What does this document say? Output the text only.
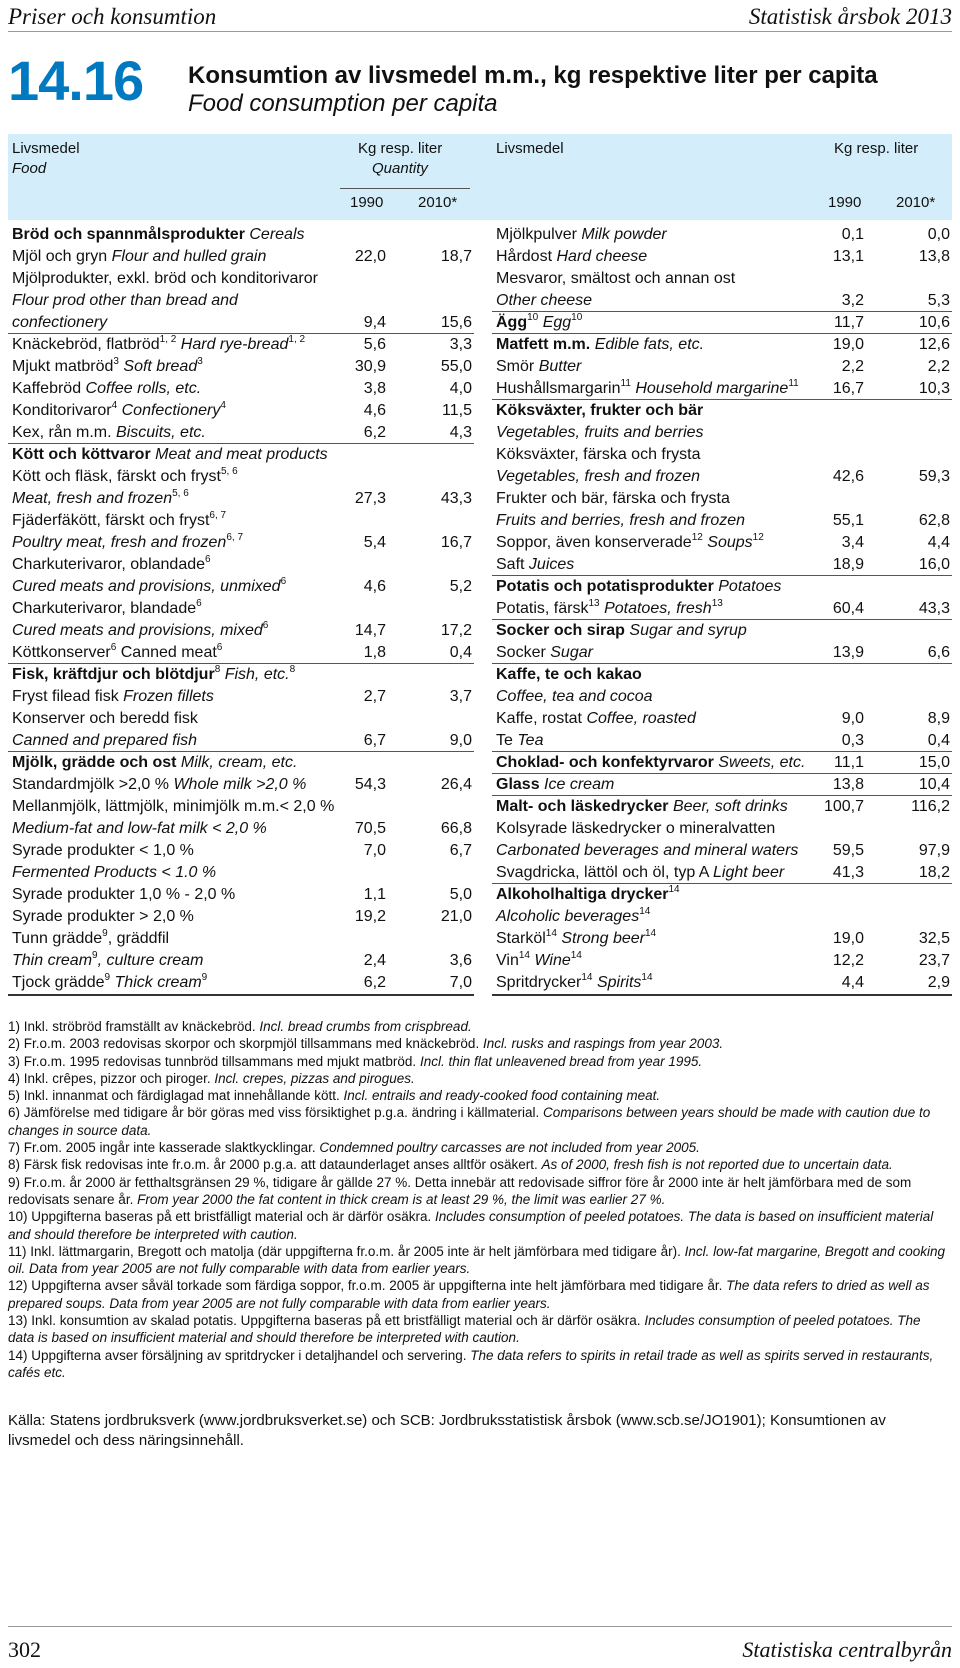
Priser och konsumtion	Statistisk årsbok 2013
14.16 Konsumtion av livsmedel m.m., kg respektive liter per capita
Food consumption per capita
Livsmedel
Food
Kg resp. liter
Quantity
1990 2010*
Livsmedel	Kg resp. liter
1990 2010*
Bröd och spannmålsprodukter Cereals
Mjöl och gryn Flour and hulled grain	22,0	18,7
Mjölprodukter, exkl. bröd och konditorivaror
Flour prod other than bread and
confectionery	9,4	15,6
Knäckebröd, flatbröd$^{1, 2}$ Hard rye-bread$^{1, 2}$	5,6	3,3
Mjukt matbröd$^3$ Soft bread$^3$	30,9	55,0
Kaffebröd Coffee rolls, etc.	3,8	4,0
Konditorivaror$^4$ Confectionery$^4$	4,6	11,5
Kex, rån m.m. Biscuits, etc.	6,2	4,3
Kött och köttvaror Meat and meat products
Kött och fläsk, färskt och fryst$^{5, 6}$
Meat, fresh and frozen$^{5, 6}$	27,3	43,3
Fjäderfäkött, färskt och fryst$^{6, 7}$
Poultry meat, fresh and frozen$^{6, 7}$	5,4	16,7
Charkuterivaror, oblandade$^6$
Cured meats and provisions, unmixed$^6$	4,6	5,2
Charkuterivaror, blandade$^6$
Cured meats and provisions, mixed$^6$	14,7	17,2
Köttkonserver$^6$ Canned meat$^6$	1,8	0,4
Fisk, kräftdjur och blötdjur$^8$ Fish, etc.$^8$
Fryst filead fisk Frozen fillets	2,7	3,7
Konserver och beredd fisk
Canned and prepared fish	6,7	9,0
Mjölk, grädde och ost Milk, cream, etc.
Standardmjölk >2,0 % Whole milk >2,0 %	54,3	26,4
Mellanmjölk, lättmjölk, minimjölk m.m.< 2,0 %
Medium-fat and low-fat milk < 2,0 %	70,5	66,8
Syrade produkter < 1,0 %	7,0	6,7
Fermented Products < 1.0 %
Syrade produkter 1,0 % - 2,0 %	1,1	5,0
Syrade produkter > 2,0 %	19,2	21,0
Tunn grädde$^9$, gräddfil
Thin cream$^9$, culture cream	2,4	3,6
Tjock grädde$^9$ Thick cream$^9$	6,2	7,0
Mjölkpulver Milk powder	0,1	0,0
Hårdost Hard cheese	13,1	13,8
Mesvaror, smältost och annan ost
Other cheese	3,2	5,3
Ägg$^{10}$ Egg$^{10}$	11,7	10,6
Matfett m.m. Edible fats, etc.	19,0	12,6
Smör Butter	2,2	2,2
Hushållsmargarin$^{11}$ Household margarine$^{11}$ 16,7	10,3
Köksväxter, frukter och bär
Vegetables, fruits and berries
Köksväxter, färska och frysta
Vegetables, fresh and frozen	42,6	59,3
Frukter och bär, färska och frysta
Fruits and berries, fresh and frozen	55,1	62,8
Soppor, även konserverade$^{12}$ Soups$^{12}$	3,4	4,4
Saft Juices	18,9	16,0
Potatis och potatisprodukter Potatoes
Potatis, färsk$^{13}$ Potatoes, fresh$^{13}$	60,4	43,3
Socker och sirap Sugar and syrup
Socker Sugar	13,9	6,6
Kaffe, te och kakao
Coffee, tea and cocoa
Kaffe, rostat Coffee, roasted	9,0	8,9
Te Tea	0,3	0,4
Choklad- och konfektyrvaror Sweets, etc. 11,1	15,0
Glass Ice cream	13,8	10,4
Malt- och läskedrycker Beer, soft drinks 100,7	116,2
Kolsyrade läskedrycker o mineralvatten
Carbonated beverages and mineral waters 59,5	97,9
Svagdricka, lättöl och öl, typ A Light beer	41,3	18,2
Alkoholhaltiga drycker$^{14}$
Alcoholic beverages$^{14}$
Starköl$^{14}$ Strong beer$^{14}$	19,0	32,5
Vin$^{14}$ Wine$^{14}$	12,2	23,7
Spritdrycker$^{14}$ Spirits$^{14}$	4,4	2,9
1) Inkl. ströbröd framställt av knäckebröd. Incl. bread crumbs from crispbread.
2) Fr.o.m. 2003 redovisas skorpor och skorpmjöl tillsammans med knäckebröd. Incl. rusks and raspings from year 2003.
3) Fr.o.m. 1995 redovisas tunnbröd tillsammans med mjukt matbröd. Incl. thin flat unleavened bread from year 1995.
4) Inkl. crêpes, pizzor och piroger. Incl. crepes, pizzas and pirogues.
5) Inkl. innanmat och färdiglagad mat innehållande kött. Incl. entrails and ready-cooked food containing meat.
6) Jämförelse med tidigare år bör göras med viss försiktighet p.g.a. ändring i källmaterial. Comparisons between years should be made with caution due to changes in source data.
7) Fr.om. 2005 ingår inte kasserade slaktkycklingar. Condemned poultry carcasses are not included from year 2005.
8) Färsk fisk redovisas inte fr.o.m. år 2000 p.g.a. att dataunderlaget anses alltför osäkert. As of 2000, fresh fish is not reported due to uncertain data.
9) Fr.o.m. år 2000 är fetthaltsgränsen 29 %, tidigare år gällde 27 %. Detta innebär att redovisade siffror före år 2000 inte är helt jämförbara med de som redovisats senare år. From year 2000 the fat content in thick cream is at least 29 %, the limit was earlier 27 %.
10) Uppgifterna baseras på ett bristfälligt material och är därför osäkra. Includes consumption of peeled potatoes. The data is based on insufficient material and should therefore be interpreted with caution.
11) Inkl. lättmargarin, Bregott och matolja (där uppgifterna fr.o.m. år 2005 inte är helt jämförbara med tidigare år). Incl. low-fat margarine, Bregott and cooking oil. Data from year 2005 are not fully comparable with data from earlier years.
12) Uppgifterna avser såväl torkade som färdiga soppor, fr.o.m. 2005 är uppgifterna inte helt jämförbara med tidigare år. The data refers to dried as well as prepared soups. Data from year 2005 are not fully comparable with data from earlier years.
13) Inkl. konsumtion av skalad potatis. Uppgifterna baseras på ett bristfälligt material och är därför osäkra. Includes consumption of peeled potatoes. The data is based on insufficient material and should therefore be interpreted with caution.
14) Uppgifterna avser försäljning av spritdrycker i detaljhandel och servering. The data refers to spirits in retail trade as well as spirits served in restaurants, cafés etc.
Källa: Statens jordbruksverk (www.jordbruksverket.se) och SCB: Jordbruksstatistisk årsbok (www.scb.se/JO1901); Konsumtionen av livsmedel och dess näringsinnehåll.
302	Statistiska centralbyrån
